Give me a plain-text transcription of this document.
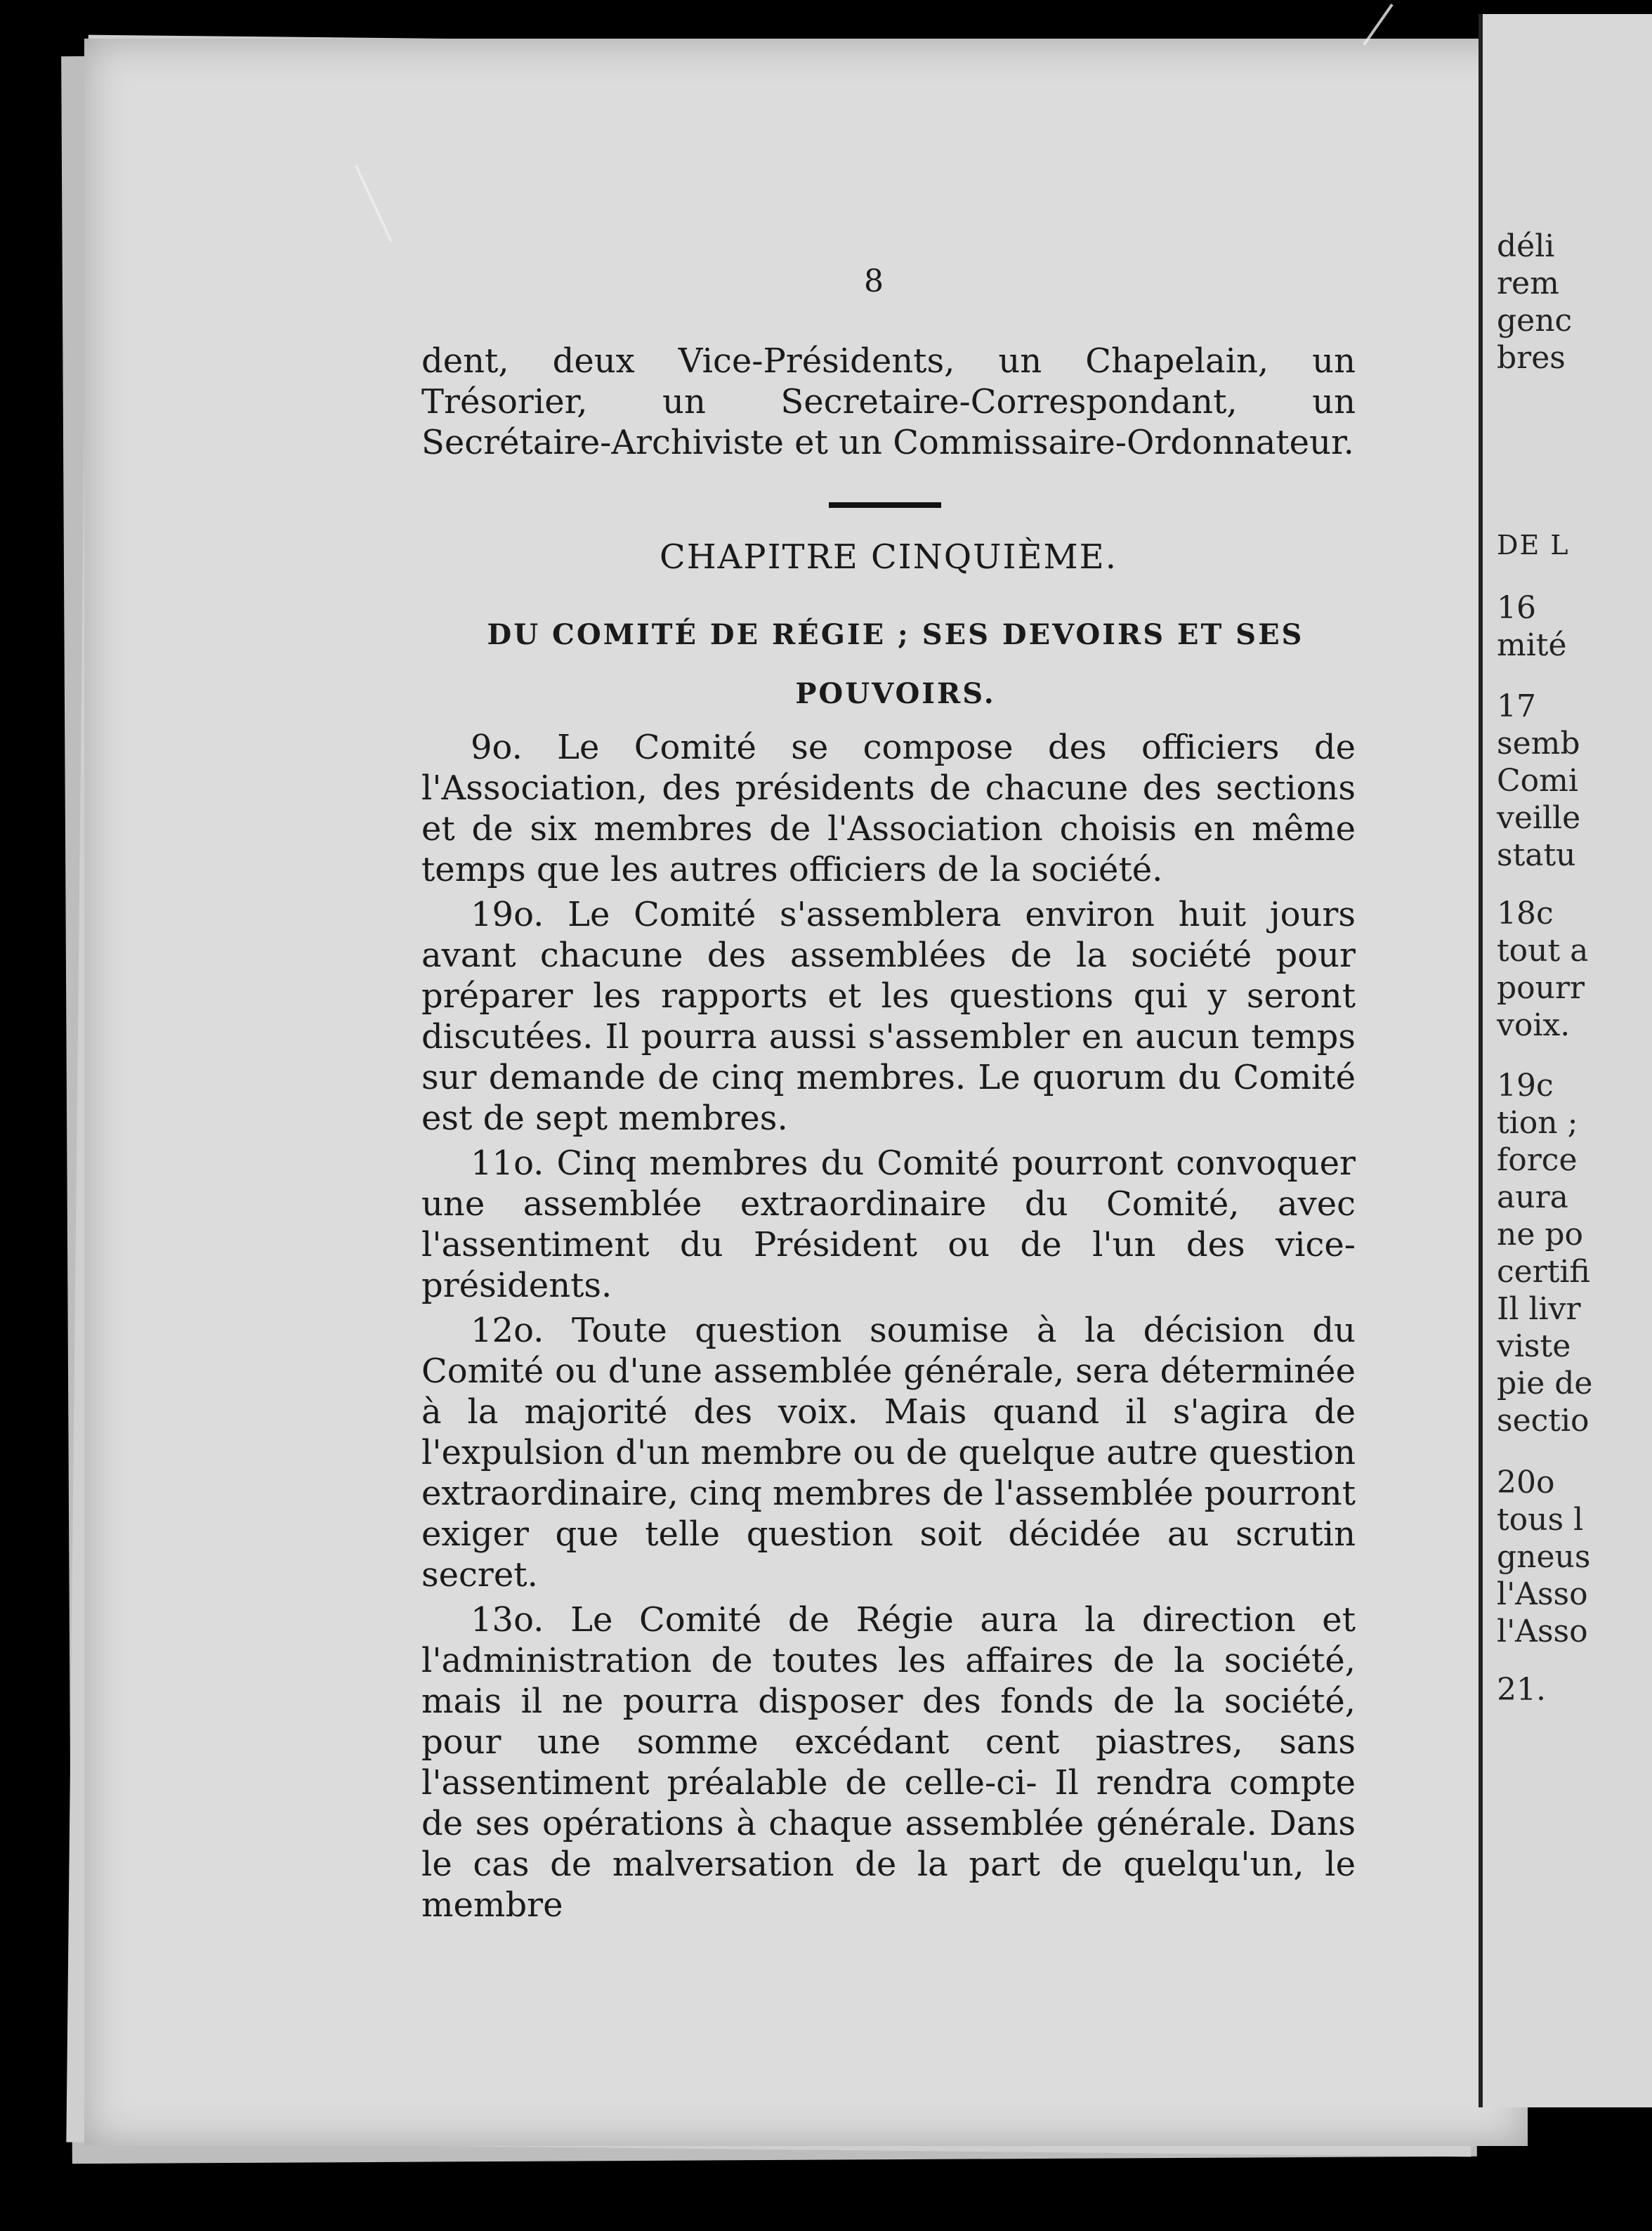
8

dent, deux Vice-Présidents, un Chapelain, un Trésorier, un Secretaire-Correspondant, un Secrétaire-Archiviste et un Commissaire-Ordonnateur.

CHAPITRE CINQUIÈME.
DU COMITÉ DE RÉGIE ; SES DEVOIRS ET SES
POUVOIRS.

9o. Le Comité se compose des officiers de l'Association, des présidents de chacune des sections et de six membres de l'Association choisis en même temps que les autres officiers de la société.

19o. Le Comité s'assemblera environ huit jours avant chacune des assemblées de la société pour préparer les rapports et les questions qui y seront discutées. Il pourra aussi s'assembler en aucun temps sur demande de cinq membres. Le quorum du Comité est de sept membres.

11o. Cinq membres du Comité pourront convoquer une assemblée extraordinaire du Comité, avec l'assentiment du Président ou de l'un des vice-présidents.

12o. Toute question soumise à la décision du Comité ou d'une assemblée générale, sera déterminée à la majorité des voix. Mais quand il s'agira de l'expulsion d'un membre ou de quelque autre question extraordinaire, cinq membres de l'assemblée pourront exiger que telle question soit décidée au scrutin secret.

13o. Le Comité de Régie aura la direction et l'administration de toutes les affaires de la société, mais il ne pourra disposer des fonds de la société, pour une somme excédant cent piastres, sans l'assentiment préalable de celle-ci- Il rendra compte de ses opérations à chaque assemblée générale. Dans le cas de malversation de la part de quelqu'un, le membre

déli
rem
genc
bres
DE L
16
mité
17
semb
Comi
veille
statu
18c
tout a
pourr
voix.
19c
tion ;
force
aura
ne po
certifi
Il livr
viste
pie de
sectio
20o
tous l
gneus
l'Asso
l'Asso
21.
